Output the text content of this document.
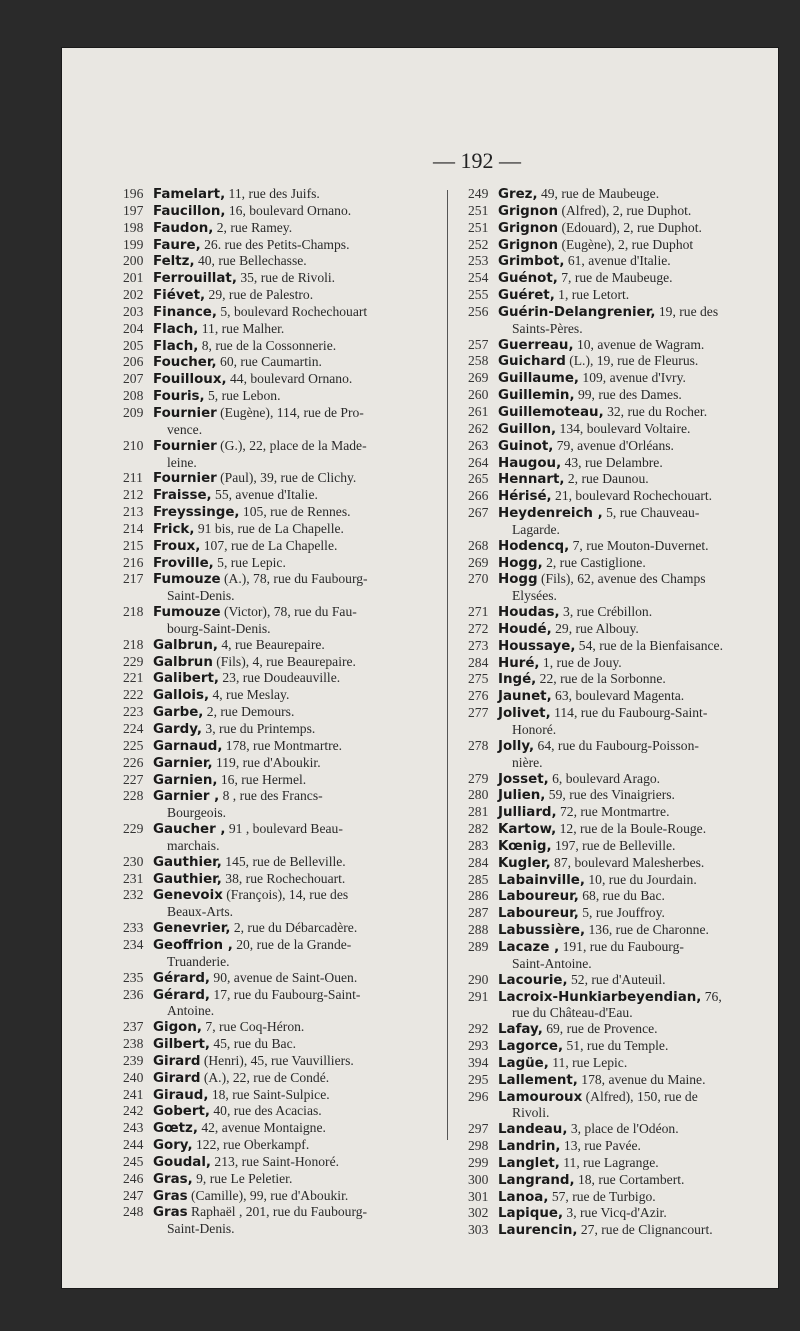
— 192 —
196 Famelart, 11, rue des Juifs.
197 Faucillon, 16, boulevard Ornano.
198 Faudon, 2, rue Ramey.
199 Faure, 26. rue des Petits-Champs.
200 Feltz, 40, rue Bellechasse.
201 Ferrouillat, 35, rue de Rivoli.
202 Fiévet, 29, rue de Palestro.
203 Finance, 5, boulevard Rochechouart
204 Flach, 11, rue Malher.
205 Flach, 8, rue de la Cossonnerie.
206 Foucher, 60, rue Caumartin.
207 Fouilloux, 44, boulevard Ornano.
208 Fouris, 5, rue Lebon.
209 Fournier (Eugène), 114, rue de Pro-
vence.
210 Fournier (G.), 22, place de la Made-
leine.
211 Fournier (Paul), 39, rue de Clichy.
212 Fraisse, 55, avenue d'Italie.
213 Freyssinge, 105, rue de Rennes.
214 Frick, 91 bis, rue de La Chapelle.
215 Froux, 107, rue de La Chapelle.
216 Froville, 5, rue Lepic.
217 Fumouze (A.), 78, rue du Faubourg-
Saint-Denis.
218 Fumouze (Victor), 78, rue du Fau-
bourg-Saint-Denis.
218 Galbrun, 4, rue Beaurepaire.
229 Galbrun (Fils), 4, rue Beaurepaire.
221 Galibert, 23, rue Doudeauville.
222 Gallois, 4, rue Meslay.
223 Garbe, 2, rue Demours.
224 Gardy, 3, rue du Printemps.
225 Garnaud, 178, rue Montmartre.
226 Garnier, 119, rue d'Aboukir.
227 Garnien, 16, rue Hermel.
228 Garnier , 8 , rue des Francs-
Bourgeois.
229 Gaucher , 91 , boulevard Beau-
marchais.
230 Gauthier, 145, rue de Belleville.
231 Gauthier, 38, rue Rochechouart.
232 Genevoix (François), 14, rue des
Beaux-Arts.
233 Genevrier, 2, rue du Débarcadère.
234 Geoffrion , 20, rue de la Grande-
Truanderie.
235 Gérard, 90, avenue de Saint-Ouen.
236 Gérard, 17, rue du Faubourg-Saint-
Antoine.
237 Gigon, 7, rue Coq-Héron.
238 Gilbert, 45, rue du Bac.
239 Girard (Henri), 45, rue Vauvilliers.
240 Girard (A.), 22, rue de Condé.
241 Giraud, 18, rue Saint-Sulpice.
242 Gobert, 40, rue des Acacias.
243 Gœtz, 42, avenue Montaigne.
244 Gory, 122, rue Oberkampf.
245 Goudal, 213, rue Saint-Honoré.
246 Gras, 9, rue Le Peletier.
247 Gras (Camille), 99, rue d'Aboukir.
248 Gras Raphaël , 201, rue du Faubourg-
Saint-Denis.
249 Grez, 49, rue de Maubeuge.
251 Grignon (Alfred), 2, rue Duphot.
251 Grignon (Edouard), 2, rue Duphot.
252 Grignon (Eugène), 2, rue Duphot
253 Grimbot, 61, avenue d'Italie.
254 Guénot, 7, rue de Maubeuge.
255 Guéret, 1, rue Letort.
256 Guérin-Delangrenier, 19, rue des
Saints-Pères.
257 Guerreau, 10, avenue de Wagram.
258 Guichard (L.), 19, rue de Fleurus.
269 Guillaume, 109, avenue d'Ivry.
260 Guillemin, 99, rue des Dames.
261 Guillemoteau, 32, rue du Rocher.
262 Guillon, 134, boulevard Voltaire.
263 Guinot, 79, avenue d'Orléans.
264 Haugou, 43, rue Delambre.
265 Hennart, 2, rue Daunou.
266 Hérisé, 21, boulevard Rochechouart.
267 Heydenreich , 5, rue Chauveau-
Lagarde.
268 Hodencq, 7, rue Mouton-Duvernet.
269 Hogg, 2, rue Castiglione.
270 Hogg (Fils), 62, avenue des Champs
Elysées.
271 Houdas, 3, rue Crébillon.
272 Houdé, 29, rue Albouy.
273 Houssaye, 54, rue de la Bienfaisance.
284 Huré, 1, rue de Jouy.
275 Ingé, 22, rue de la Sorbonne.
276 Jaunet, 63, boulevard Magenta.
277 Jolivet, 114, rue du Faubourg-Saint-
Honoré.
278 Jolly, 64, rue du Faubourg-Poisson-
nière.
279 Josset, 6, boulevard Arago.
280 Julien, 59, rue des Vinaigriers.
281 Julliard, 72, rue Montmartre.
282 Kartow, 12, rue de la Boule-Rouge.
283 Kœnig, 197, rue de Belleville.
284 Kugler, 87, boulevard Malesherbes.
285 Labainville, 10, rue du Jourdain.
286 Laboureur, 68, rue du Bac.
287 Laboureur, 5, rue Jouffroy.
288 Labussière, 136, rue de Charonne.
289 Lacaze , 191, rue du Faubourg-
Saint-Antoine.
290 Lacourie, 52, rue d'Auteuil.
291 Lacroix-Hunkiarbeyendian, 76,
rue du Château-d'Eau.
292 Lafay, 69, rue de Provence.
293 Lagorce, 51, rue du Temple.
394 Lagüe, 11, rue Lepic.
295 Lallement, 178, avenue du Maine.
296 Lamouroux (Alfred), 150, rue de
Rivoli.
297 Landeau, 3, place de l'Odéon.
298 Landrin, 13, rue Pavée.
299 Langlet, 11, rue Lagrange.
300 Langrand, 18, rue Cortambert.
301 Lanoa, 57, rue de Turbigo.
302 Lapique, 3, rue Vicq-d'Azir.
303 Laurencin, 27, rue de Clignancourt.
